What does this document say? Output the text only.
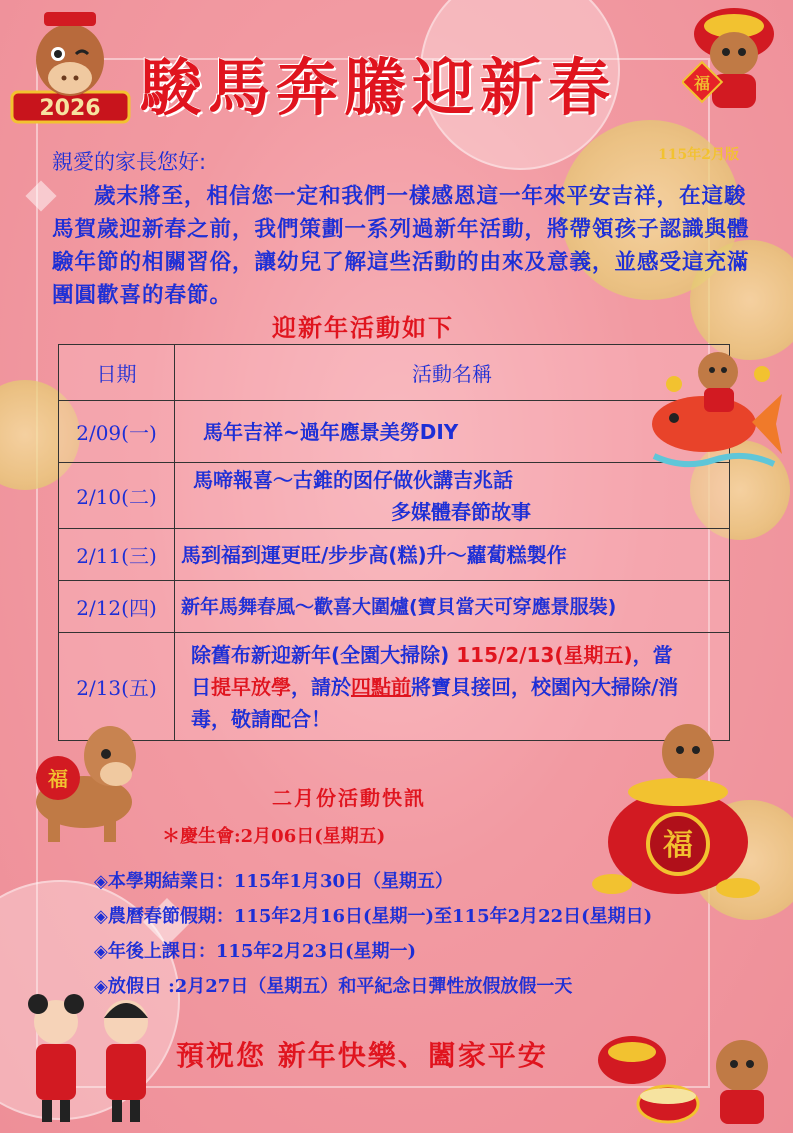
2026
福
駿馬奔騰迎新春
115年2月版
親愛的家長您好:
歲末將至，相信您一定和我們一樣感恩這一年來平安吉祥，在這駿馬賀歲迎新春之前，我們策劃一系列過新年活動，將帶領孩子認識與體驗年節的相關習俗，讓幼兒了解這些活動的由來及意義，並感受這充滿團圓歡喜的春節。
迎新年活動如下
日期	活動名稱
2/09(一)	馬年吉祥~過年應景美勞DIY
2/10(二)	馬啼報喜～古錐的囡仔做伙講吉兆話
多媒體春節故事

2/11(三)	馬到福到運更旺/步步高(糕)升～蘿蔔糕製作
2/12(四)	新年馬舞春風～歡喜大圍爐(寶貝當天可穿應景服裝)
2/13(五)	除舊布新迎新年(全園大掃除) 115/2/13(星期五)，當日提早放學，請於四點前將寶貝接回，校園內大掃除/消毒，敬請配合！
福
福
二月份活動快訊
＊慶生會:2月06日(星期五)
◈本學期結業日：115年1月30日（星期五）
◈農曆春節假期：115年2月16日(星期一)至115年2月22日(星期日)
◈年後上課日：115年2月23日(星期一)
◈放假日 :2月27日（星期五）和平紀念日彈性放假放假一天
預祝您 新年快樂、闔家平安
